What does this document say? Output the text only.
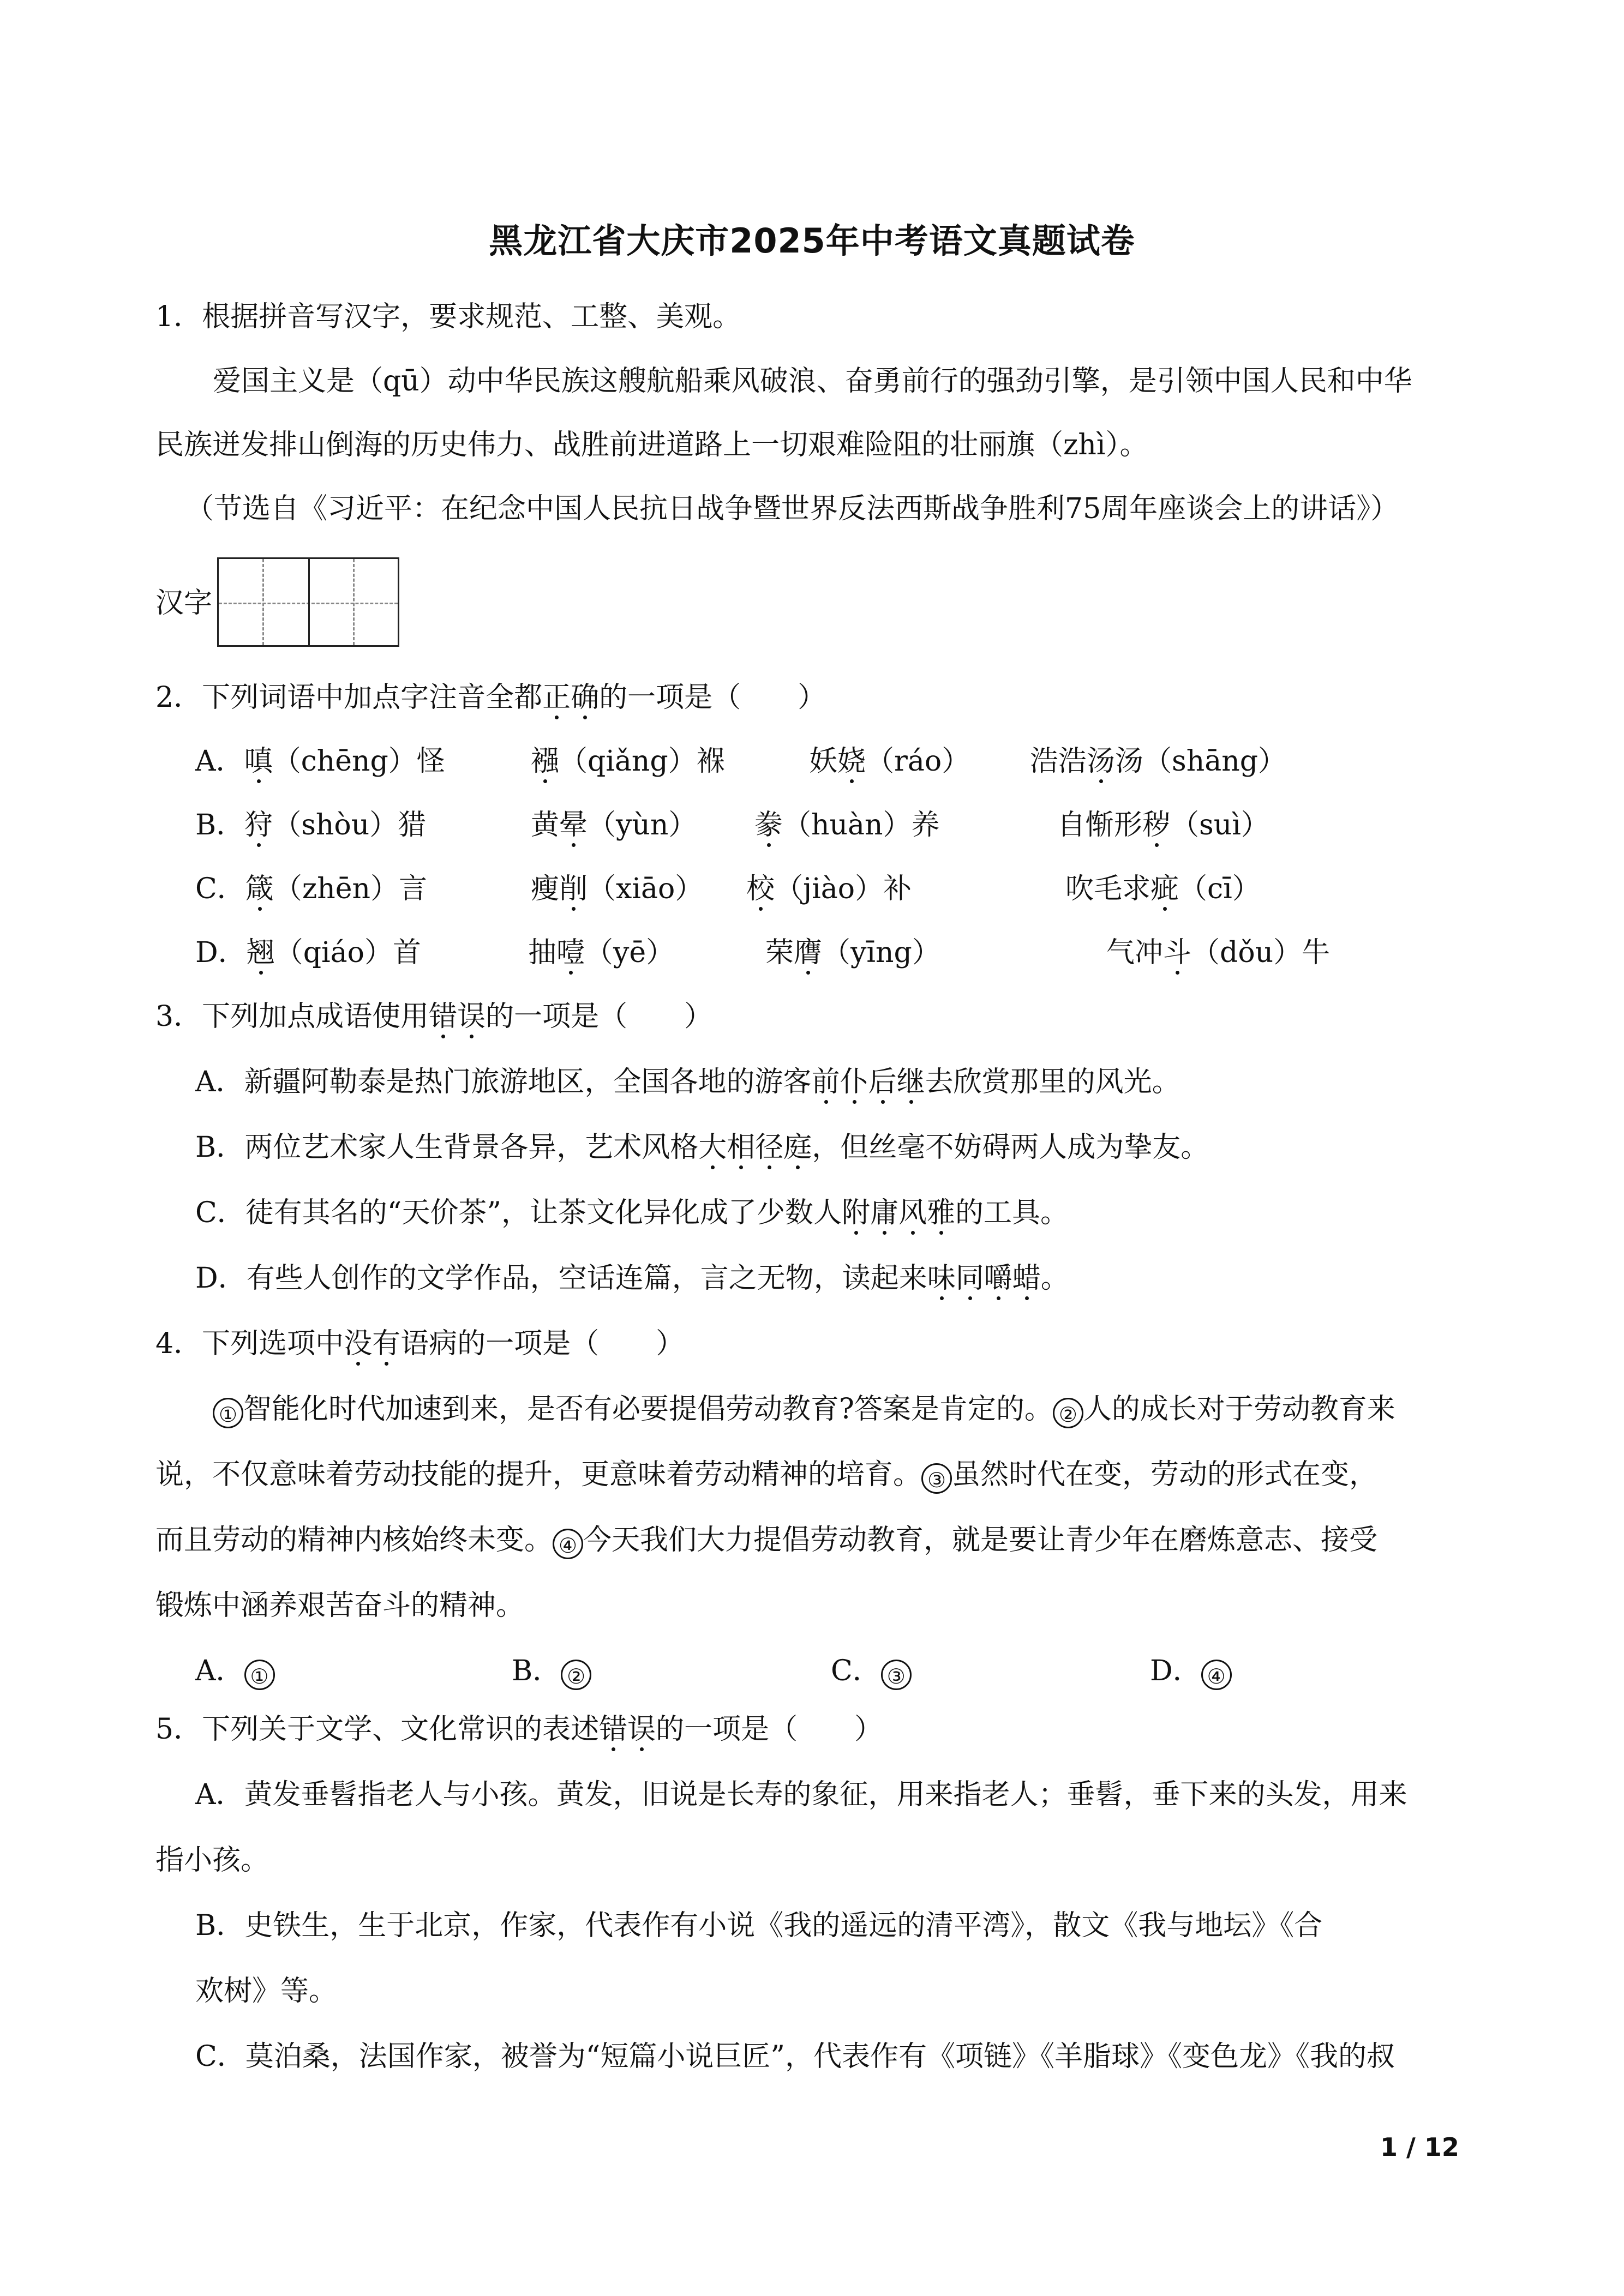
黑龙江省大庆市2025年中考语文真题试卷
1．根据拼音写汉字，要求规范、工整、美观。
爱国主义是（qū）动中华民族这艘航船乘风破浪、奋勇前行的强劲引擎，是引领中国人民和中华
民族迸发排山倒海的历史伟力、战胜前进道路上一切艰难险阻的壮丽旗（zhì）。
（节选自《习近平：在纪念中国人民抗日战争暨世界反法西斯战争胜利75周年座谈会上的讲话》）
汉字
2．下列词语中加点字注音全都正确的一项是（　　）
A．嗔（chēng）怪	襁（qiǎng）褓	妖娆（ráo） 浩浩汤汤（shāng）
B．狩（shòu）猎	黄晕（yùn） 豢（huàn）养	自惭形秽（suì）
C．箴（zhēn）言	瘦削（xiāo） 校（jiào）补	吹毛求疵（cī）
D．翘（qiáo）首	抽噎（yē）	荣膺（yīng）	气冲斗（dǒu）牛
3．下列加点成语使用错误的一项是（　　）
A．新疆阿勒泰是热门旅游地区，全国各地的游客前仆后继去欣赏那里的风光。
B．两位艺术家人生背景各异，艺术风格大相径庭，但丝毫不妨碍两人成为挚友。
C．徒有其名的“天价茶”，让茶文化异化成了少数人附庸风雅的工具。
D．有些人创作的文学作品，空话连篇，言之无物，读起来味同嚼蜡。
4．下列选项中没有语病的一项是（　　）
① 智能化时代加速到来，是否有必要提倡劳动教育?答案是肯定的。 ② 人的成长对于劳动教育来
说，不仅意味着劳动技能的提升，更意味着劳动精神的培育。 ③ 虽然时代在变，劳动的形式在变，
而且劳动的精神内核始终未变。 ④ 今天我们大力提倡劳动教育，就是要让青少年在磨炼意志、接受
锻炼中涵养艰苦奋斗的精神。
A． ①	B． ②	C． ③	D． ④
5．下列关于文学、文化常识的表述错误的一项是（　　）
A．黄发垂髫指老人与小孩。黄发，旧说是长寿的象征，用来指老人；垂髫，垂下来的头发，用来
指小孩。
B．史铁生，生于北京，作家，代表作有小说《我的遥远的清平湾》，散文《我与地坛》《合
欢树》等。
C．莫泊桑，法国作家，被誉为“短篇小说巨匠”，代表作有《项链》《羊脂球》《变色龙》《我的叔
1 / 12
